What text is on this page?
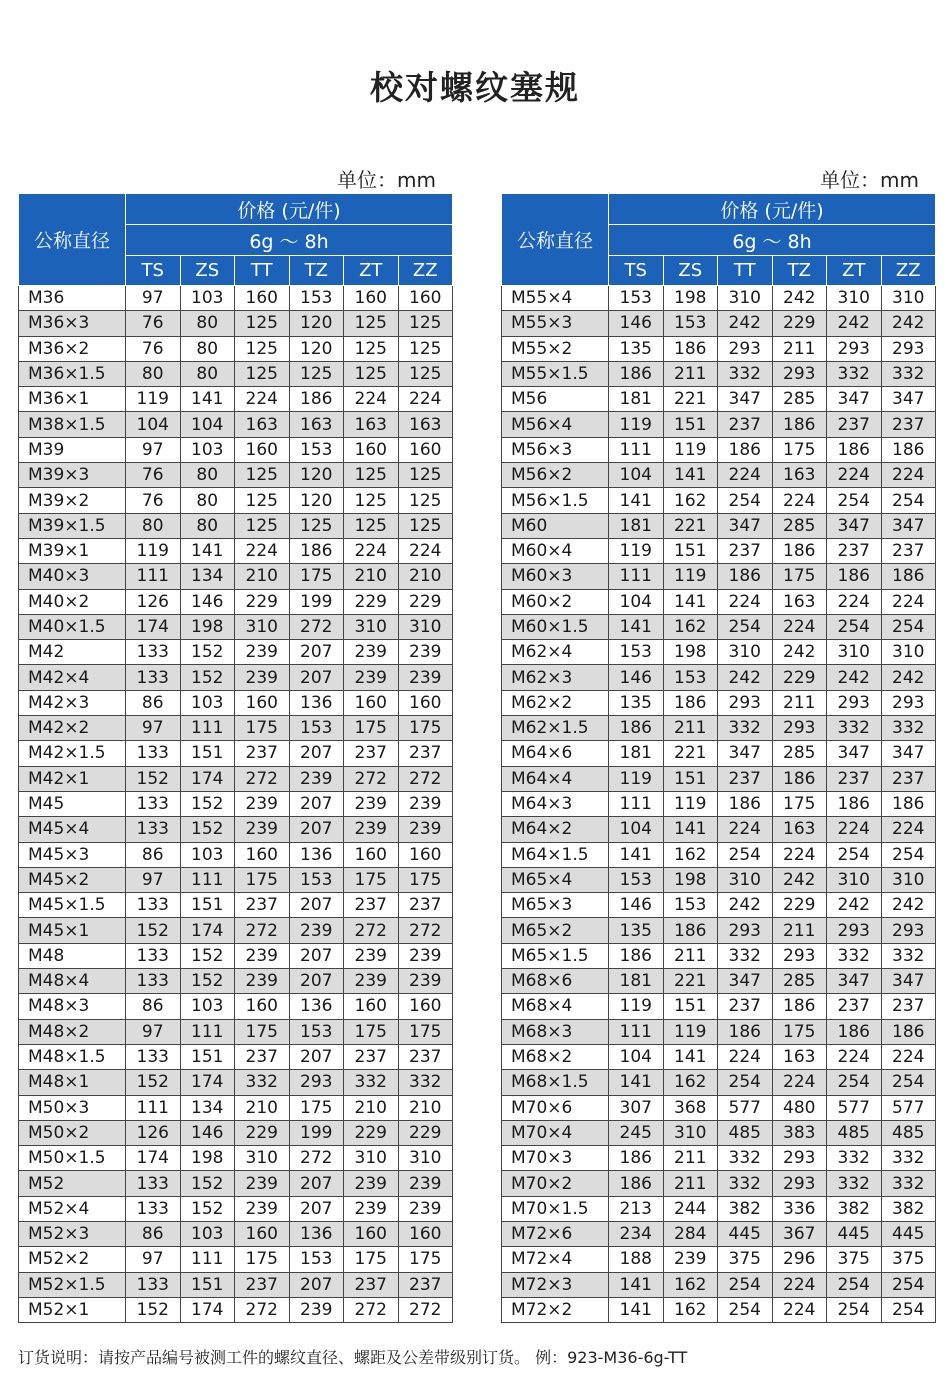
校对螺纹塞规
单位：mm	单位：mm
公称直径	价格 (元/件)					
	6g ～ 8h					
	TS	ZS	TT	TZ	ZT	ZZ
M36	97	103	160	153	160	160
M36×3	76	80	125	120	125	125
M36×2	76	80	125	120	125	125
M36×1.5	80	80	125	125	125	125
M36×1	119	141	224	186	224	224
M38×1.5	104	104	163	163	163	163
M39	97	103	160	153	160	160
M39×3	76	80	125	120	125	125
M39×2	76	80	125	120	125	125
M39×1.5	80	80	125	125	125	125
M39×1	119	141	224	186	224	224
M40×3	111	134	210	175	210	210
M40×2	126	146	229	199	229	229
M40×1.5	174	198	310	272	310	310
M42	133	152	239	207	239	239
M42×4	133	152	239	207	239	239
M42×3	86	103	160	136	160	160
M42×2	97	111	175	153	175	175
M42×1.5	133	151	237	207	237	237
M42×1	152	174	272	239	272	272
M45	133	152	239	207	239	239
M45×4	133	152	239	207	239	239
M45×3	86	103	160	136	160	160
M45×2	97	111	175	153	175	175
M45×1.5	133	151	237	207	237	237
M45×1	152	174	272	239	272	272
M48	133	152	239	207	239	239
M48×4	133	152	239	207	239	239
M48×3	86	103	160	136	160	160
M48×2	97	111	175	153	175	175
M48×1.5	133	151	237	207	237	237
M48×1	152	174	332	293	332	332
M50×3	111	134	210	175	210	210
M50×2	126	146	229	199	229	229
M50×1.5	174	198	310	272	310	310
M52	133	152	239	207	239	239
M52×4	133	152	239	207	239	239
M52×3	86	103	160	136	160	160
M52×2	97	111	175	153	175	175
M52×1.5	133	151	237	207	237	237
M52×1	152	174	272	239	272	272
公称直径	价格 (元/件)					
	6g ～ 8h					
	TS	ZS	TT	TZ	ZT	ZZ
M55×4	153	198	310	242	310	310
M55×3	146	153	242	229	242	242
M55×2	135	186	293	211	293	293
M55×1.5	186	211	332	293	332	332
M56	181	221	347	285	347	347
M56×4	119	151	237	186	237	237
M56×3	111	119	186	175	186	186
M56×2	104	141	224	163	224	224
M56×1.5	141	162	254	224	254	254
M60	181	221	347	285	347	347
M60×4	119	151	237	186	237	237
M60×3	111	119	186	175	186	186
M60×2	104	141	224	163	224	224
M60×1.5	141	162	254	224	254	254
M62×4	153	198	310	242	310	310
M62×3	146	153	242	229	242	242
M62×2	135	186	293	211	293	293
M62×1.5	186	211	332	293	332	332
M64×6	181	221	347	285	347	347
M64×4	119	151	237	186	237	237
M64×3	111	119	186	175	186	186
M64×2	104	141	224	163	224	224
M64×1.5	141	162	254	224	254	254
M65×4	153	198	310	242	310	310
M65×3	146	153	242	229	242	242
M65×2	135	186	293	211	293	293
M65×1.5	186	211	332	293	332	332
M68×6	181	221	347	285	347	347
M68×4	119	151	237	186	237	237
M68×3	111	119	186	175	186	186
M68×2	104	141	224	163	224	224
M68×1.5	141	162	254	224	254	254
M70×6	307	368	577	480	577	577
M70×4	245	310	485	383	485	485
M70×3	186	211	332	293	332	332
M70×2	186	211	332	293	332	332
M70×1.5	213	244	382	336	382	382
M72×6	234	284	445	367	445	445
M72×4	188	239	375	296	375	375
M72×3	141	162	254	224	254	254
M72×2	141	162	254	224	254	254
订货说明：请按产品编号被测工件的螺纹直径、螺距及公差带级别订货。 例：923-M36-6g-TT
